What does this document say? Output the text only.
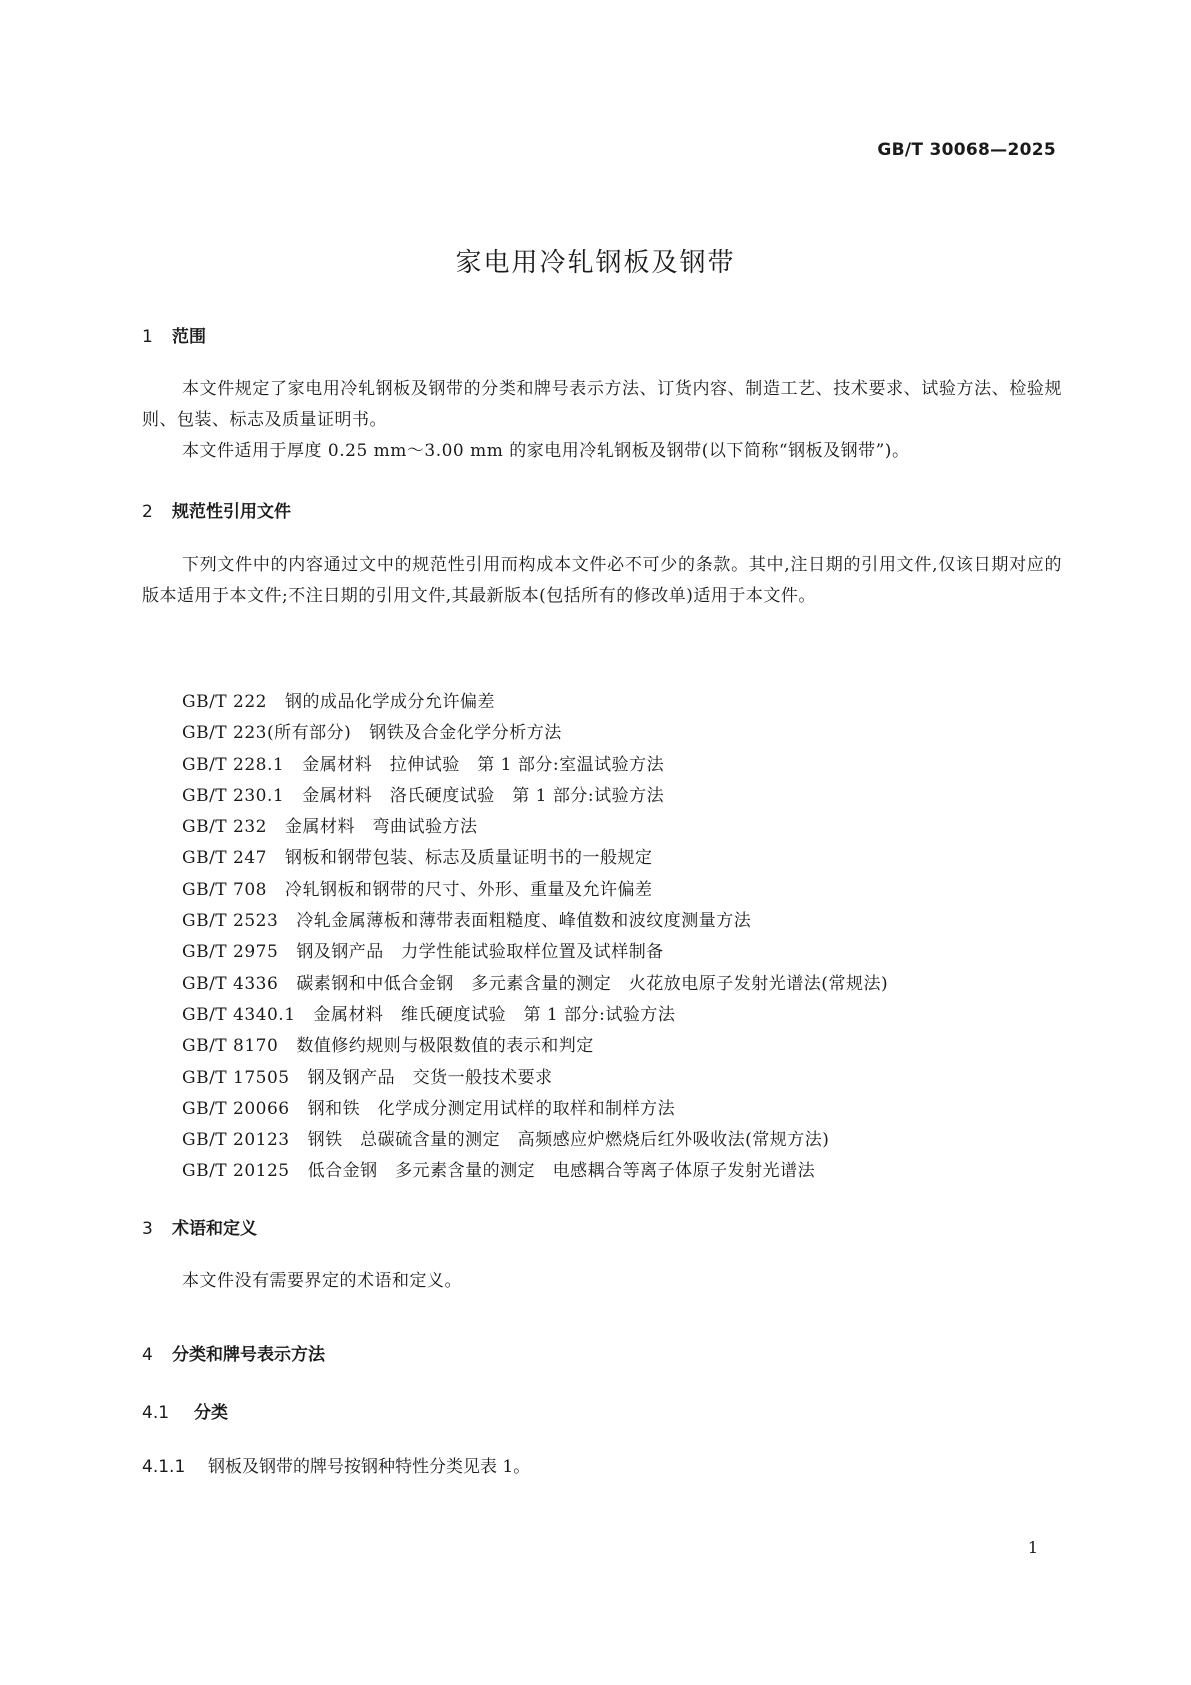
GB/T 30068—2025
家电用冷轧钢板及钢带
1 范围
本文件规定了家电用冷轧钢板及钢带的分类和牌号表示方法、订货内容、制造工艺、技术要求、试验方法、检验规则、包装、标志及质量证明书。
本文件适用于厚度 0.25 mm～3.00 mm 的家电用冷轧钢板及钢带(以下简称“钢板及钢带”)。
2 规范性引用文件
下列文件中的内容通过文中的规范性引用而构成本文件必不可少的条款。其中,注日期的引用文件,仅该日期对应的版本适用于本文件;不注日期的引用文件,其最新版本(包括所有的修改单)适用于本文件。
GB/T 222 钢的成品化学成分允许偏差
GB/T 223(所有部分) 钢铁及合金化学分析方法
GB/T 228.1 金属材料　拉伸试验　第 1 部分:室温试验方法
GB/T 230.1 金属材料　洛氏硬度试验　第 1 部分:试验方法
GB/T 232 金属材料　弯曲试验方法
GB/T 247 钢板和钢带包装、标志及质量证明书的一般规定
GB/T 708 冷轧钢板和钢带的尺寸、外形、重量及允许偏差
GB/T 2523 冷轧金属薄板和薄带表面粗糙度、峰值数和波纹度测量方法
GB/T 2975 钢及钢产品　力学性能试验取样位置及试样制备
GB/T 4336 碳素钢和中低合金钢　多元素含量的测定　火花放电原子发射光谱法(常规法)
GB/T 4340.1 金属材料　维氏硬度试验　第 1 部分:试验方法
GB/T 8170 数值修约规则与极限数值的表示和判定
GB/T 17505 钢及钢产品　交货一般技术要求
GB/T 20066 钢和铁　化学成分测定用试样的取样和制样方法
GB/T 20123 钢铁　总碳硫含量的测定　高频感应炉燃烧后红外吸收法(常规方法)
GB/T 20125 低合金钢　多元素含量的测定　电感耦合等离子体原子发射光谱法
3 术语和定义
本文件没有需要界定的术语和定义。
4 分类和牌号表示方法
4.1 分类
4.1.1 钢板及钢带的牌号按钢种特性分类见表 1。
1
